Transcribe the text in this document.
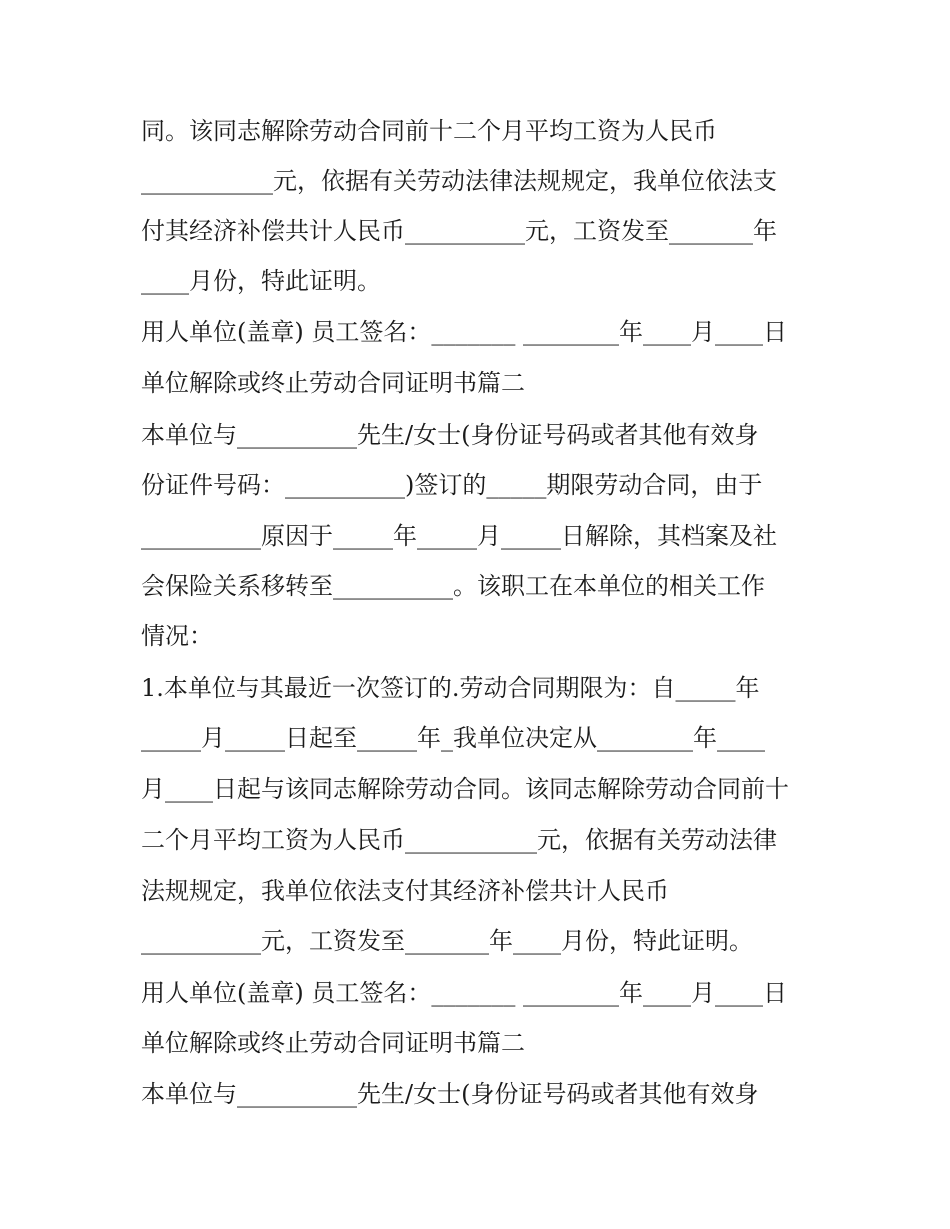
同。该同志解除劳动合同前十二个月平均工资为人民币
___________元，依据有关劳动法律法规规定，我单位依法支
付其经济补偿共计人民币__________元，工资发至_______年
____月份，特此证明。
用人单位(盖章) 员工签名：_______ ________年____月____日
单位解除或终止劳动合同证明书篇二
本单位与__________先生/女士(身份证号码或者其他有效身
份证件号码：__________)签订的_____期限劳动合同，由于
__________原因于_____年_____月_____日解除，其档案及社
会保险关系移转至__________。该职工在本单位的相关工作
情况：
1.本单位与其最近一次签订的.劳动合同期限为：自_____年
_____月_____日起至_____年_我单位决定从________年____
月____日起与该同志解除劳动合同。该同志解除劳动合同前十
二个月平均工资为人民币___________元，依据有关劳动法律
法规规定，我单位依法支付其经济补偿共计人民币
__________元，工资发至_______年____月份，特此证明。
用人单位(盖章) 员工签名：_______ ________年____月____日
单位解除或终止劳动合同证明书篇二
本单位与__________先生/女士(身份证号码或者其他有效身
